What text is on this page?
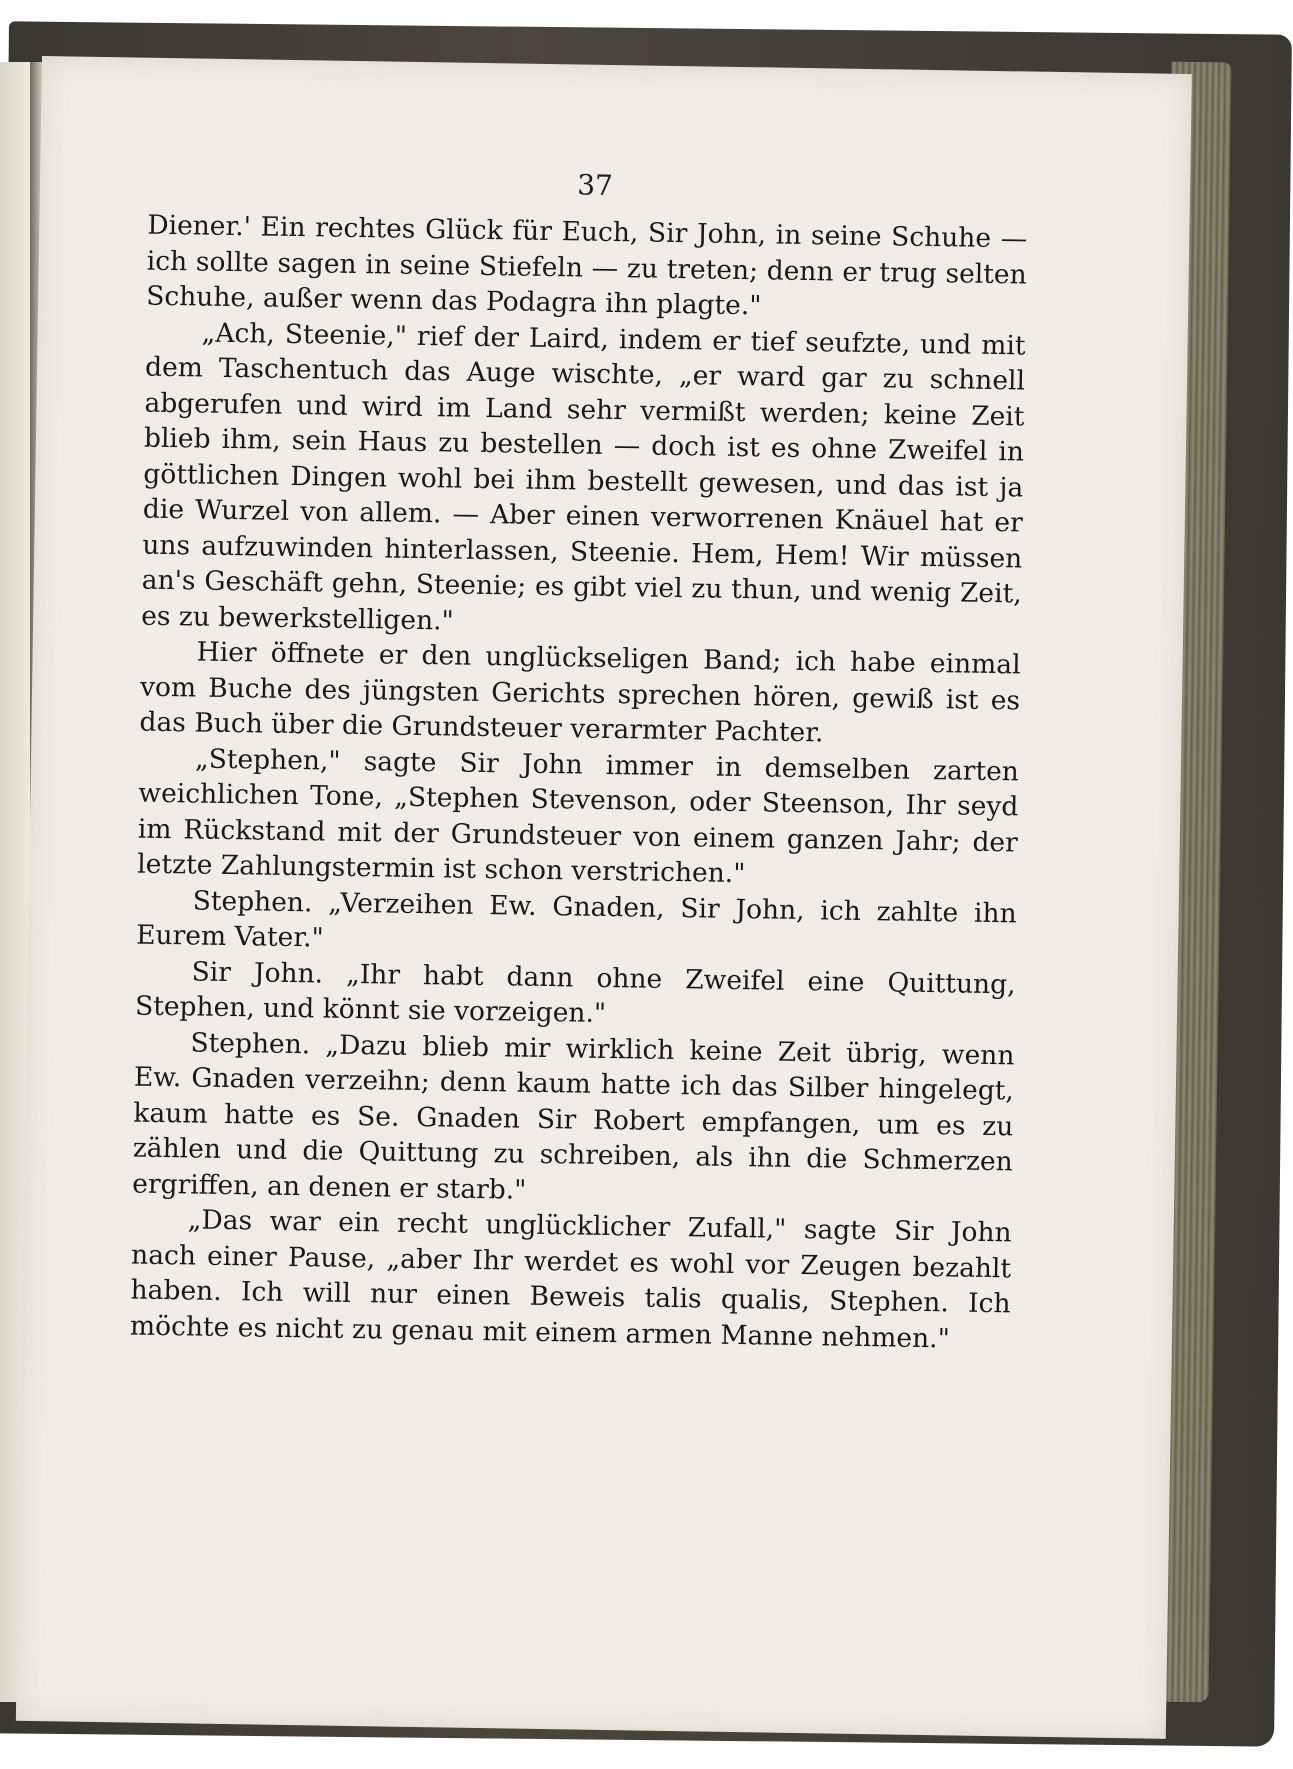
37

Diener.' Ein rechtes Glück für Euch, Sir John, in seine Schuhe — ich sollte sagen in seine Stiefeln — zu treten; denn er trug selten Schuhe, außer wenn das Podagra ihn plagte."

„Ach, Steenie," rief der Laird, indem er tief seufzte, und mit dem Taschentuch das Auge wischte, „er ward gar zu schnell abgerufen und wird im Land sehr vermißt werden; keine Zeit blieb ihm, sein Haus zu bestellen — doch ist es ohne Zweifel in göttlichen Dingen wohl bei ihm bestellt gewesen, und das ist ja die Wurzel von allem. — Aber einen verworrenen Knäuel hat er uns aufzuwinden hinterlassen, Steenie. Hem, Hem! Wir müssen an's Geschäft gehn, Steenie; es gibt viel zu thun, und wenig Zeit, es zu bewerkstelligen."

Hier öffnete er den unglückseligen Band; ich habe einmal vom Buche des jüngsten Gerichts sprechen hören, gewiß ist es das Buch über die Grundsteuer verarmter Pachter.

„Stephen," sagte Sir John immer in demselben zarten weichlichen Tone, „Stephen Stevenson, oder Steenson, Ihr seyd im Rückstand mit der Grundsteuer von einem ganzen Jahr; der letzte Zahlungstermin ist schon verstrichen."

Stephen. „Verzeihen Ew. Gnaden, Sir John, ich zahlte ihn Eurem Vater."

Sir John. „Ihr habt dann ohne Zweifel eine Quittung, Stephen, und könnt sie vorzeigen."

Stephen. „Dazu blieb mir wirklich keine Zeit übrig, wenn Ew. Gnaden verzeihn; denn kaum hatte ich das Silber hingelegt, kaum hatte es Se. Gnaden Sir Robert empfangen, um es zu zählen und die Quittung zu schreiben, als ihn die Schmerzen ergriffen, an denen er starb."

„Das war ein recht unglücklicher Zufall," sagte Sir John nach einer Pause, „aber Ihr werdet es wohl vor Zeugen bezahlt haben. Ich will nur einen Beweis talis qualis, Stephen. Ich möchte es nicht zu genau mit einem armen Manne nehmen."
